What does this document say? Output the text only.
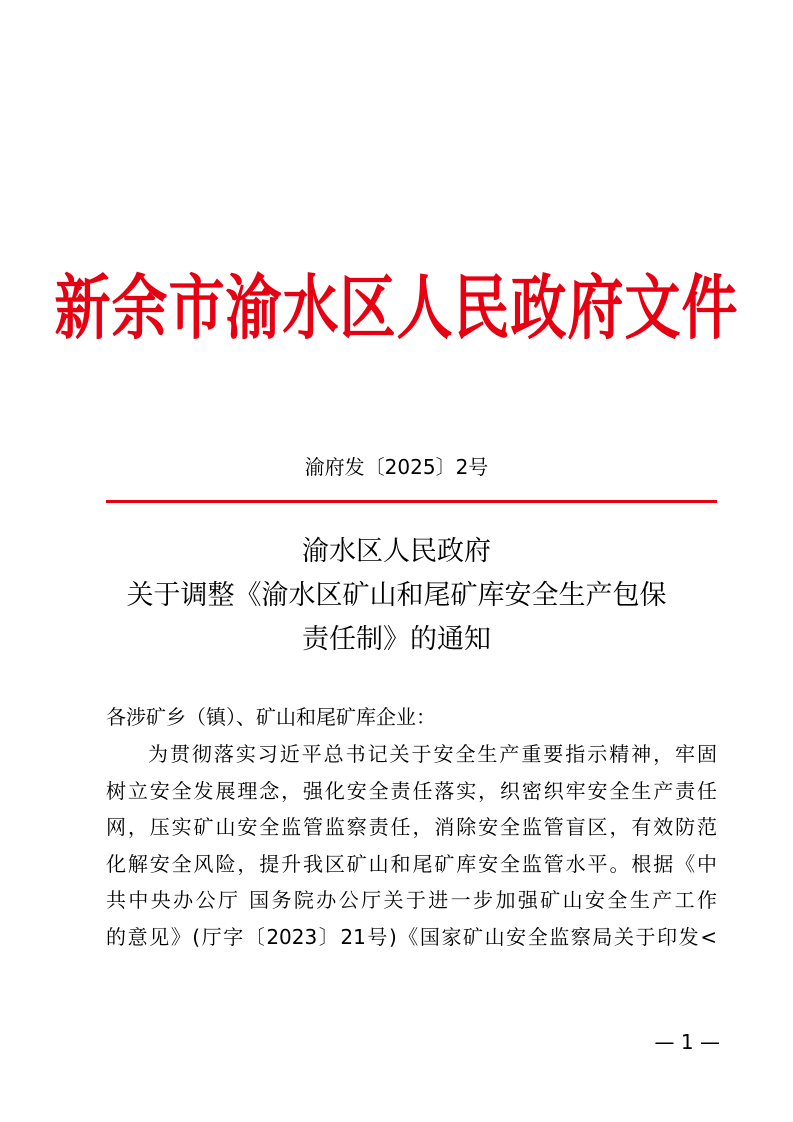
新余市渝水区人民政府文件
渝府发〔2025〕2号
渝水区人民政府
关于调整《渝水区矿山和尾矿库安全生产包保
责任制》的通知
各涉矿乡（镇）、矿山和尾矿库企业：
为贯彻落实习近平总书记关于安全生产重要指示精神，牢固
树立安全发展理念，强化安全责任落实，织密织牢安全生产责任
网，压实矿山安全监管监察责任，消除安全监管盲区，有效防范
化解安全风险，提升我区矿山和尾矿库安全监管水平。根据《中
共中央办公厅 国务院办公厅关于进一步加强矿山安全生产工作
的意见》(厅字〔2023〕21号)《国家矿山安全监察局关于印发<
— 1 —
